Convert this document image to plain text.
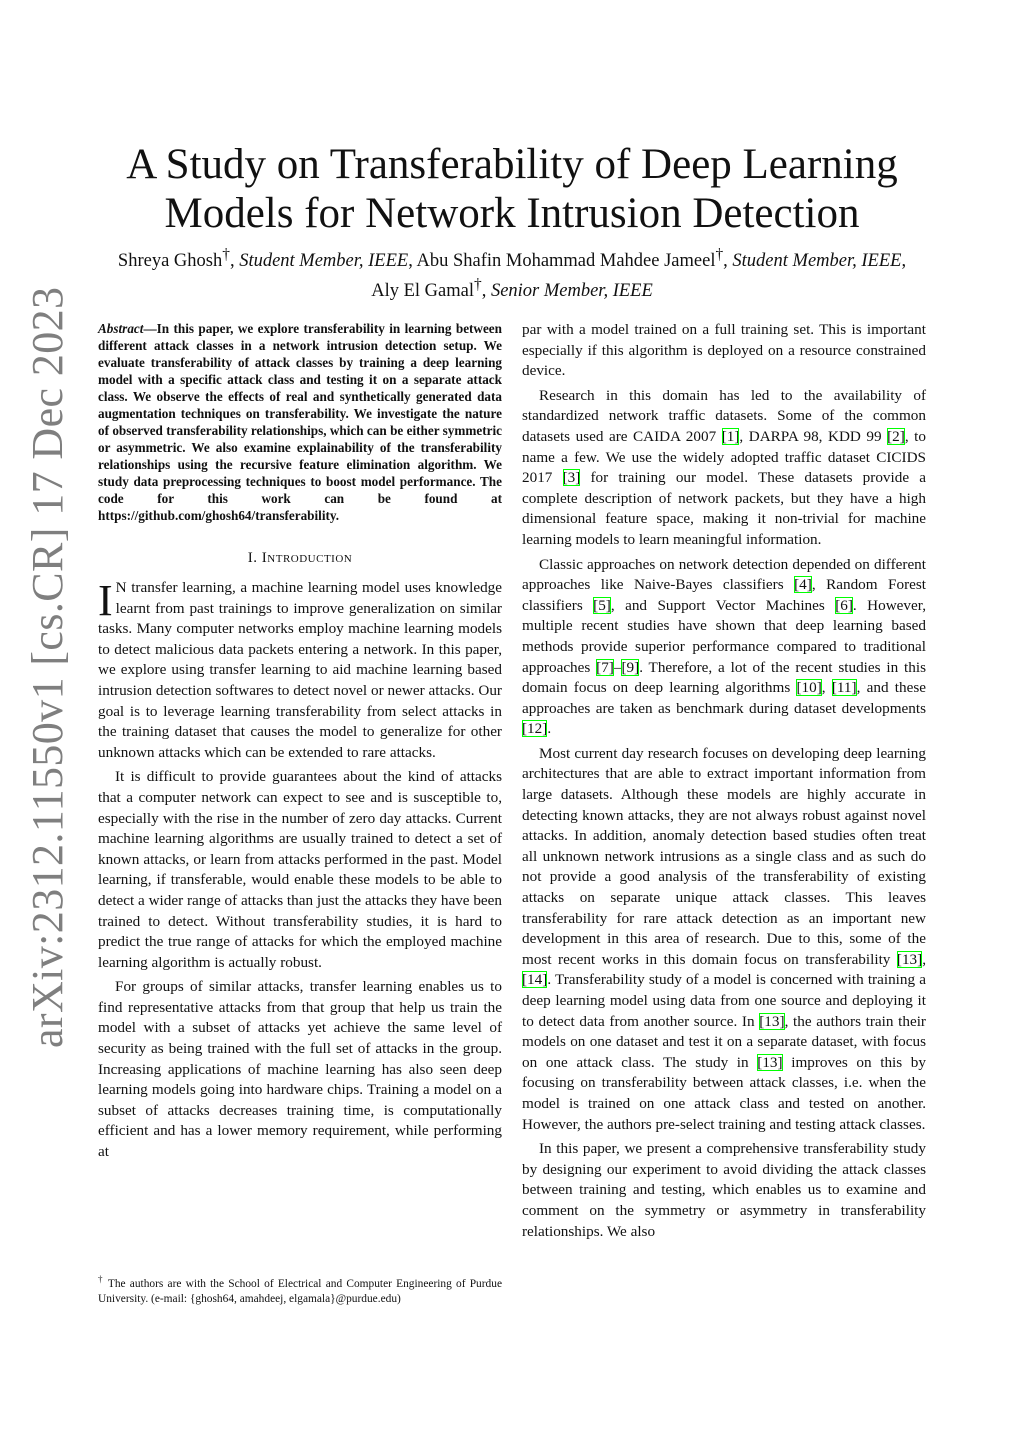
arXiv:2312.11550v1 [cs.CR] 17 Dec 2023
A Study on Transferability of Deep Learning Models for Network Intrusion Detection
Shreya Ghosh†, Student Member, IEEE, Abu Shafin Mohammad Mahdee Jameel†, Student Member, IEEE, Aly El Gamal†, Senior Member, IEEE

Abstract—In this paper, we explore transferability in learning between different attack classes in a network intrusion detection setup. We evaluate transferability of attack classes by training a deep learning model with a specific attack class and testing it on a separate attack class. We observe the effects of real and synthetically generated data augmentation techniques on transferability. We investigate the nature of observed transferability relationships, which can be either symmetric or asymmetric. We also examine explainability of the transferability relationships using the recursive feature elimination algorithm. We study data preprocessing techniques to boost model performance. The code for this work can be found at https://github.com/ghosh64/transferability.

I. Introduction

I N transfer learning, a machine learning model uses knowledge learnt from past trainings to improve generalization on similar tasks. Many computer networks employ machine learning models to detect malicious data packets entering a network. In this paper, we explore using transfer learning to aid machine learning based intrusion detection softwares to detect novel or newer attacks. Our goal is to leverage learning transferability from select attacks in the training dataset that causes the model to generalize for other unknown attacks which can be extended to rare attacks.

It is difficult to provide guarantees about the kind of attacks that a computer network can expect to see and is susceptible to, especially with the rise in the number of zero day attacks. Current machine learning algorithms are usually trained to detect a set of known attacks, or learn from attacks performed in the past. Model learning, if transferable, would enable these models to be able to detect a wider range of attacks than just the attacks they have been trained to detect. Without transferability studies, it is hard to predict the true range of attacks for which the employed machine learning algorithm is actually robust.

For groups of similar attacks, transfer learning enables us to find representative attacks from that group that help us train the model with a subset of attacks yet achieve the same level of security as being trained with the full set of attacks in the group. Increasing applications of machine learning has also seen deep learning models going into hardware chips. Training a model on a subset of attacks decreases training time, is computationally efficient and has a lower memory requirement, while performing at

† The authors are with the School of Electrical and Computer Engineering of Purdue University. (e-mail: {ghosh64, amahdeej, elgamala}@purdue.edu)

par with a model trained on a full training set. This is important especially if this algorithm is deployed on a resource constrained device.

Research in this domain has led to the availability of standardized network traffic datasets. Some of the common datasets used are CAIDA 2007 [1], DARPA 98, KDD 99 [2], to name a few. We use the widely adopted traffic dataset CICIDS 2017 [3] for training our model. These datasets provide a complete description of network packets, but they have a high dimensional feature space, making it non-trivial for machine learning models to learn meaningful information.

Classic approaches on network detection depended on different approaches like Naive-Bayes classifiers [4], Random Forest classifiers [5], and Support Vector Machines [6]. However, multiple recent studies have shown that deep learning based methods provide superior performance compared to traditional approaches [7]–[9]. Therefore, a lot of the recent studies in this domain focus on deep learning algorithms [10], [11], and these approaches are taken as benchmark during dataset developments [12].

Most current day research focuses on developing deep learning architectures that are able to extract important information from large datasets. Although these models are highly accurate in detecting known attacks, they are not always robust against novel attacks. In addition, anomaly detection based studies often treat all unknown network intrusions as a single class and as such do not provide a good analysis of the transferability of existing attacks on separate unique attack classes. This leaves transferability for rare attack detection as an important new development in this area of research. Due to this, some of the most recent works in this domain focus on transferability [13], [14]. Transferability study of a model is concerned with training a deep learning model using data from one source and deploying it to detect data from another source. In [13], the authors train their models on one dataset and test it on a separate dataset, with focus on one attack class. The study in [13] improves on this by focusing on transferability between attack classes, i.e. when the model is trained on one attack class and tested on another. However, the authors pre-select training and testing attack classes.

In this paper, we present a comprehensive transferability study by designing our experiment to avoid dividing the attack classes between training and testing, which enables us to examine and comment on the symmetry or asymmetry in transferability relationships. We also
